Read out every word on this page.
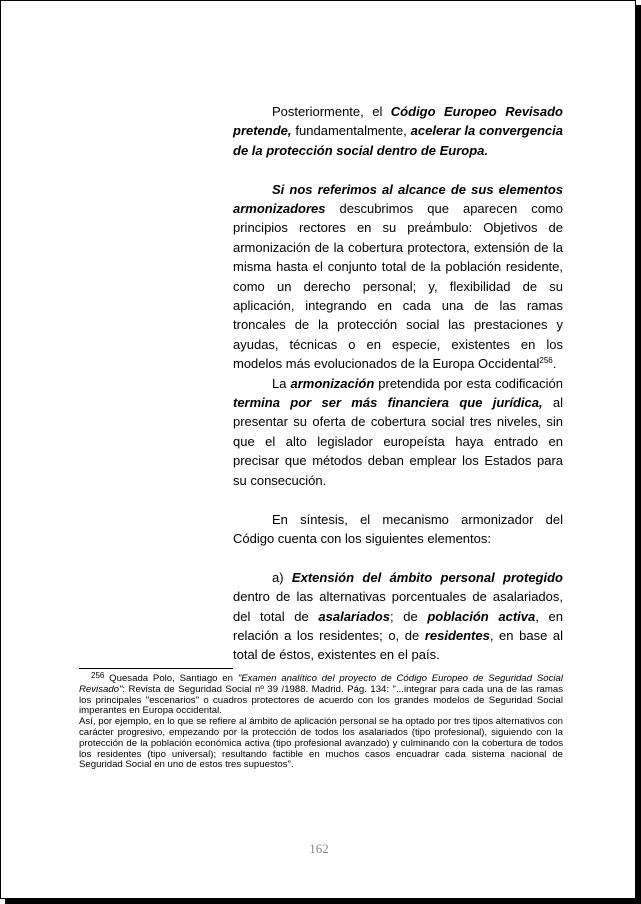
Posteriormente, el Código Europeo Revisado pretende, fundamentalmente, acelerar la convergencia de la protección social dentro de Europa.

Si nos referimos al alcance de sus elementos armonizadores descubrimos que aparecen como principios rectores en su preámbulo: Objetivos de armonización de la cobertura protectora, extensión de la misma hasta el conjunto total de la población residente, como un derecho personal; y, flexibilidad de su aplicación, integrando en cada una de las ramas troncales de la protección social las prestaciones y ayudas, técnicas o en especie, existentes en los modelos más evolucionados de la Europa Occidental$^{256}$.

La armonización pretendida por esta codificación termina por ser más financiera que jurídica, al presentar su oferta de cobertura social tres niveles, sin que el alto legislador europeísta haya entrado en precisar que métodos deban emplear los Estados para su consecución.

En síntesis, el mecanismo armonizador del Código cuenta con los siguientes elementos:

a) Extensión del ámbito personal protegido dentro de las alternativas porcentuales de asalariados, del total de asalariados; de población activa, en relación a los residentes; o, de residentes, en base al total de éstos, existentes en el país.

$^{256}$ Quesada Polo, Santiago en "Examen analítico del proyecto de Código Europeo de Seguridad Social Revisado": Revista de Seguridad Social nº 39 /1988. Madrid. Pág. 134: "...integrar para cada una de las ramas los principales "escenarios" o cuadros protectores de acuerdo con los grandes modelos de Seguridad Social imperantes en Europa occidental.

Así, por ejemplo, en lo que se refiere al ámbito de aplicación personal se ha optado por tres tipos alternativos con carácter progresivo, empezando por la protección de todos los asalariados (tipo profesional), siguiendo con la protección de la población económica activa (tipo profesional avanzado) y culminando con la cobertura de todos los residentes (tipo universal); resultando factible en muchos casos encuadrar cada sistema nacional de Seguridad Social en uno de estos tres supuestos".

162
